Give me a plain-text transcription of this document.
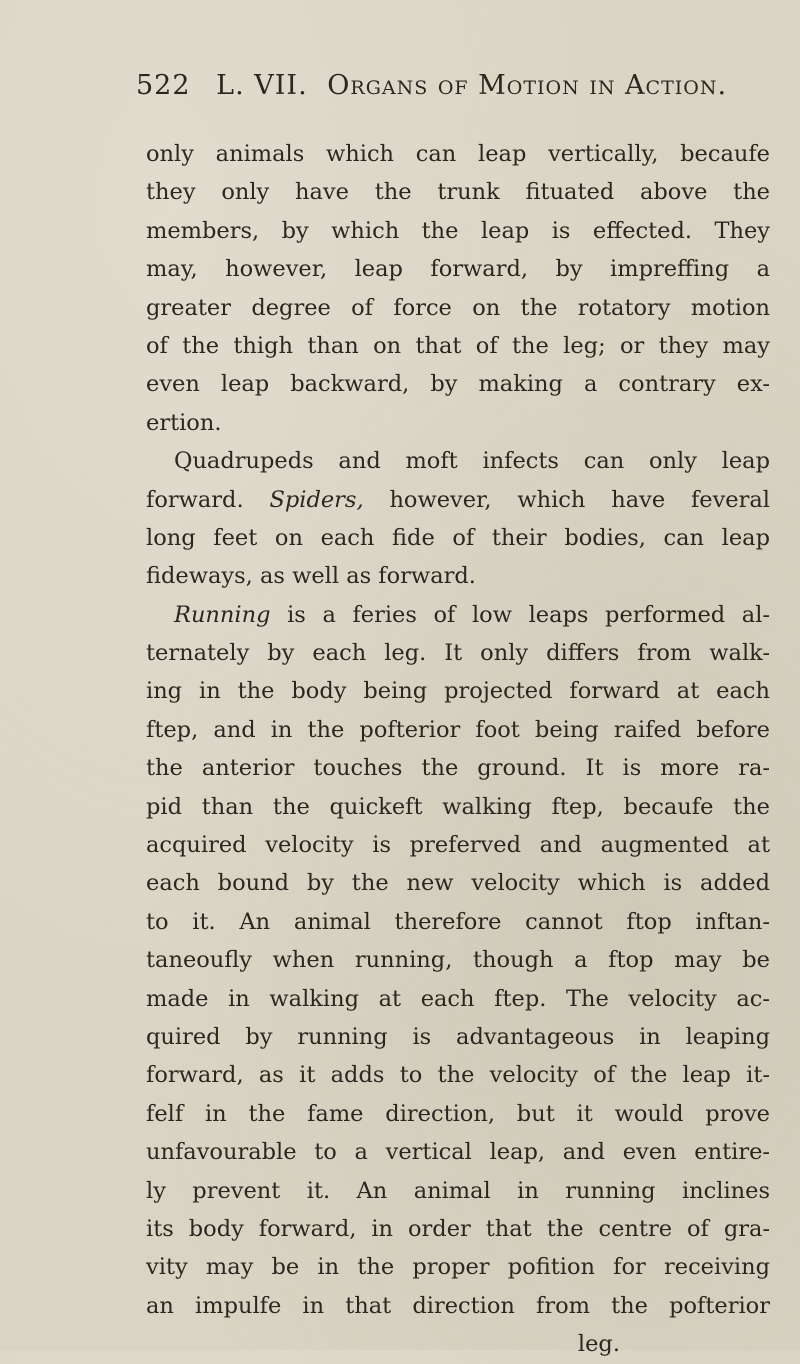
522 L. VII. Organs of Motion in Action.
only animals which can leap vertically, becaufe
they only have the trunk fituated above the
members, by which the leap is effected. They
may, however, leap forward, by impreffing a
greater degree of force on the rotatory motion
of the thigh than on that of the leg; or they may
even leap backward, by making a contrary ex-
ertion.
Quadrupeds and moft infects can only leap
forward. Spiders, however, which have feveral
long feet on each fide of their bodies, can leap
fideways, as well as forward.
Running is a feries of low leaps performed al-
ternately by each leg. It only differs from walk-
ing in the body being projected forward at each
ftep, and in the pofterior foot being raifed before
the anterior touches the ground. It is more ra-
pid than the quickeft walking ftep, becaufe the
acquired velocity is preferved and augmented at
each bound by the new velocity which is added
to it. An animal therefore cannot ftop inftan-
taneoufly when running, though a ftop may be
made in walking at each ftep. The velocity ac-
quired by running is advantageous in leaping
forward, as it adds to the velocity of the leap it-
felf in the fame direction, but it would prove
unfavourable to a vertical leap, and even entire-
ly prevent it. An animal in running inclines
its body forward, in order that the centre of gra-
vity may be in the proper pofition for receiving
an impulfe in that direction from the pofterior
leg.
